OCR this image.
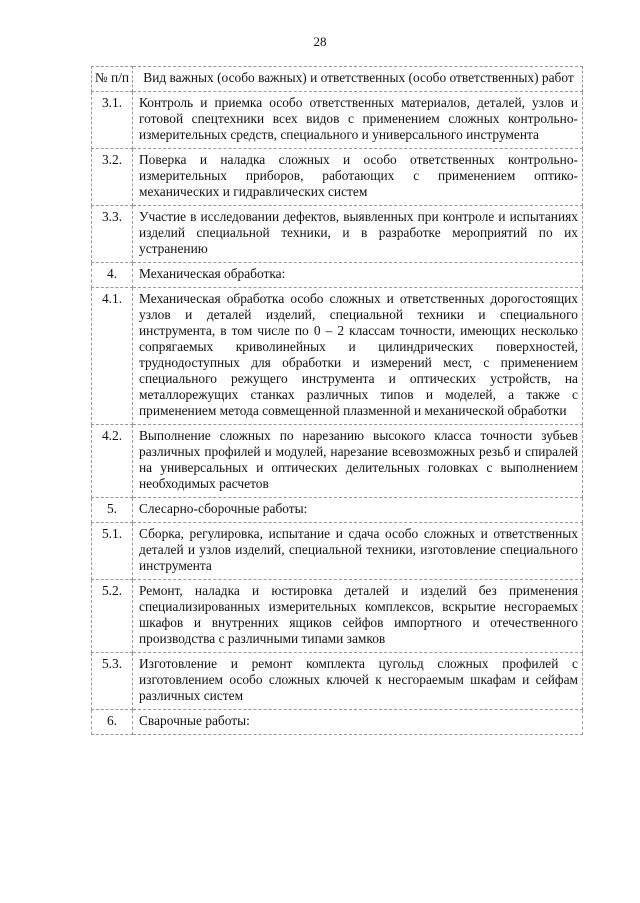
28
№ п/п	Вид важных (особо важных) и ответственных (особо ответственных) работ
3.1.	Контроль и приемка особо ответственных материалов, деталей, узлов и готовой спецтехники всех видов с применением сложных контрольно-измерительных средств, специального и универсального инструмента
3.2.	Поверка и наладка сложных и особо ответственных контрольно-измерительных приборов, работающих с применением оптико-механических и гидравлических систем
3.3.	Участие в исследовании дефектов, выявленных при контроле и испытаниях изделий специальной техники, и в разработке мероприятий по их устранению
4.	Механическая обработка:
4.1.	Механическая обработка особо сложных и ответственных дорогостоящих узлов и деталей изделий, специальной техники и специального инструмента, в том числе по 0 – 2 классам точности, имеющих несколько сопрягаемых криволинейных и цилиндрических поверхностей, труднодоступных для обработки и измерений мест, с применением специального режущего инструмента и оптических устройств, на металлорежущих станках различных типов и моделей, а также с применением метода совмещенной плазменной и механической обработки
4.2.	Выполнение сложных по нарезанию высокого класса точности зубьев различных профилей и модулей, нарезание всевозможных резьб и спиралей на универсальных и оптических делительных головках с выполнением необходимых расчетов
5.	Слесарно-сборочные работы:
5.1.	Сборка, регулировка, испытание и сдача особо сложных и ответственных деталей и узлов изделий, специальной техники, изготовление специального инструмента
5.2.	Ремонт, наладка и юстировка деталей и изделий без применения специализированных измерительных комплексов, вскрытие несгораемых шкафов и внутренних ящиков сейфов импортного и отечественного производства с различными типами замков
5.3.	Изготовление и ремонт комплекта цугольд сложных профилей с изготовлением особо сложных ключей к несгораемым шкафам и сейфам различных систем
6.	Сварочные работы:
